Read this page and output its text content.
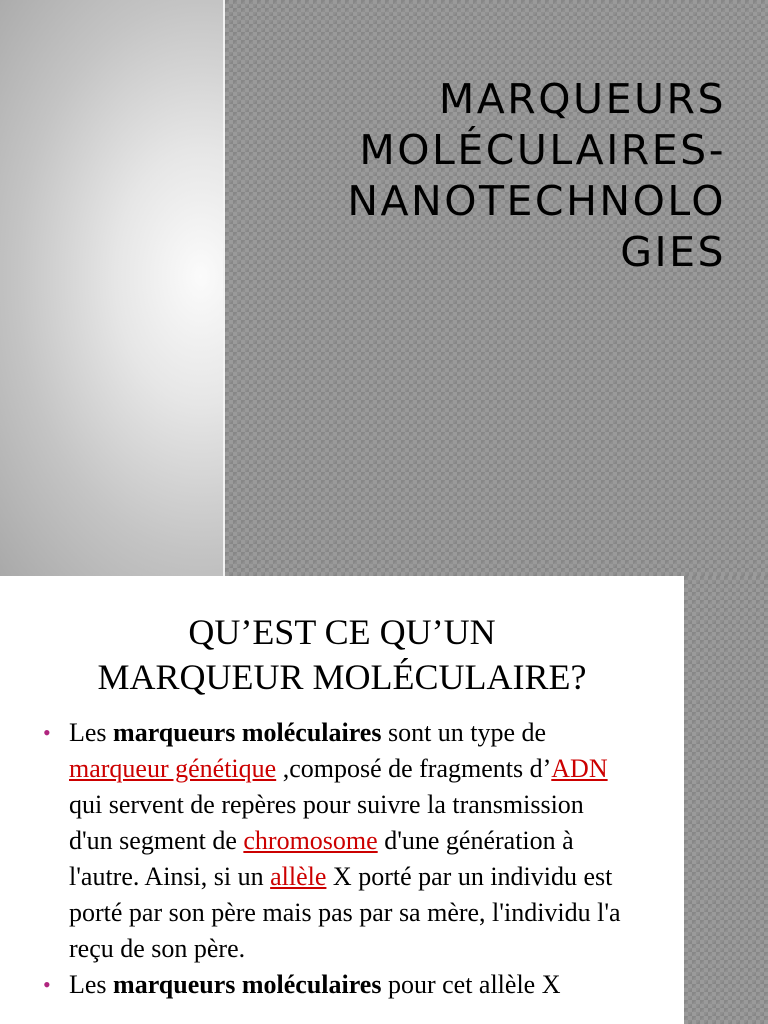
MARQUEURS
MOLÉCULAIRES-
NANOTECHNOLO
GIES
QU’EST CE QU’UN
MARQUEUR MOLÉCULAIRE?
• Les marqueurs moléculaires sont un type de marqueur génétique ,composé de fragments d’ADN qui servent de repères pour suivre la transmission d'un segment de chromosome d'une génération à l'autre. Ainsi, si un allèle X porté par un individu est porté par son père mais pas par sa mère, l'individu l'a reçu de son père.
• Les marqueurs moléculaires pour cet allèle X
